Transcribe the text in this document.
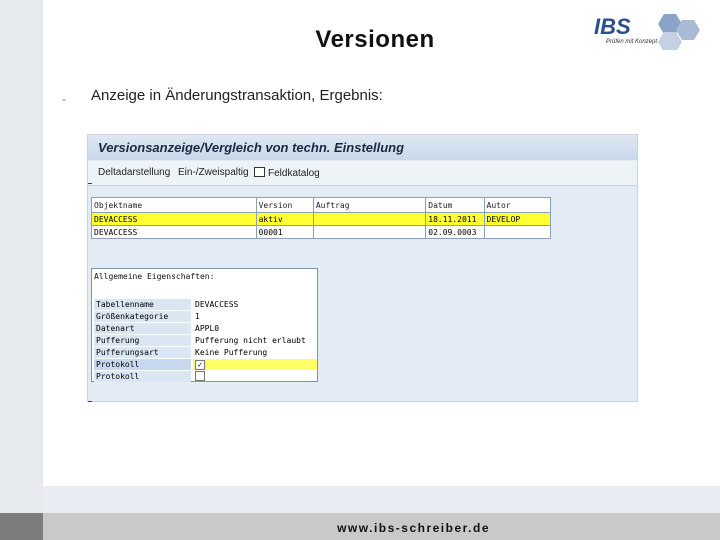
www.ibs-schreiber.de
Versionen	IBS
Prüfen mit Konzept
- Anzeige in Änderungstransaktion, Ergebnis:
Versionsanzeige/Vergleich von techn. Einstellung
Deltadarstellung Ein-/Zweispaltig	Feldkatalog
Objektname	Version	Auftrag	Datum	Autor
DEVACCESS	aktiv		18.11.2011	DEVELOP
DEVACCESS	00001		02.09.0003	
Allgemeine Eigenschaften:
Tabellenname	DEVACCESS
Größenkategorie	1
Datenart	APPL0
Pufferung	Pufferung nicht erlaubt
Pufferungsart	Keine Pufferung
Protokoll	✓
Protokoll
